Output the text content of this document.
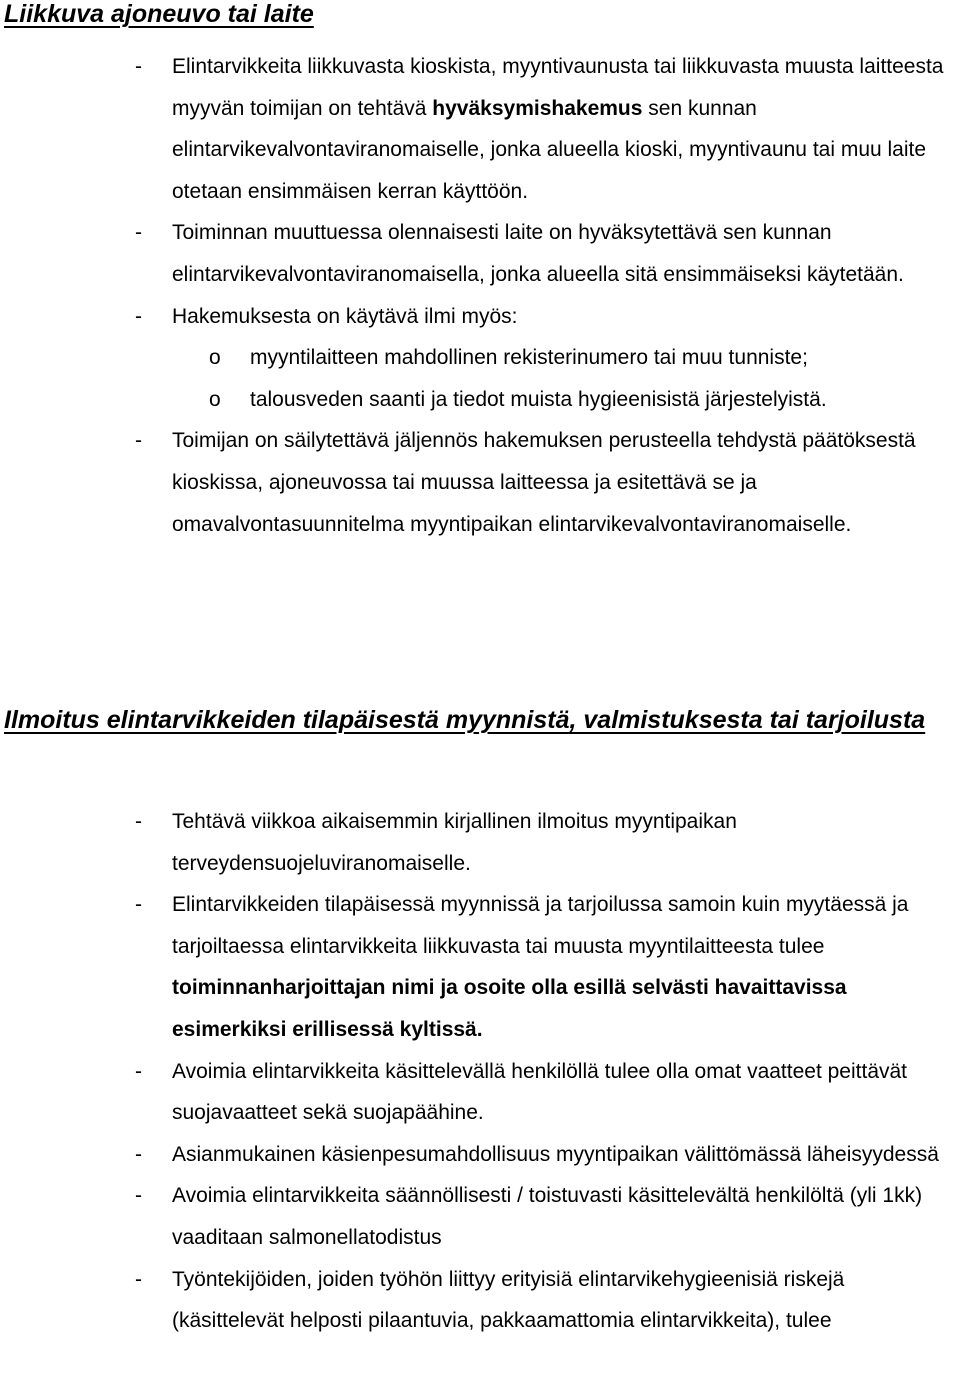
Liikkuva ajoneuvo tai laite
- Elintarvikkeita liikkuvasta kioskista, myyntivaunusta tai liikkuvasta muusta laitteesta myyvän toimijan on tehtävä hyväksymishakemus sen kunnan elintarvikevalvontaviranomaiselle, jonka alueella kioski, myyntivaunu tai muu laite otetaan ensimmäisen kerran käyttöön.
- Toiminnan muuttuessa olennaisesti laite on hyväksytettävä sen kunnan elintarvikevalvontaviranomaisella, jonka alueella sitä ensimmäiseksi käytetään.
- Hakemuksesta on käytävä ilmi myös:
o myyntilaitteen mahdollinen rekisterinumero tai muu tunniste;
o talousveden saanti ja tiedot muista hygieenisistä järjestelyistä.
- Toimijan on säilytettävä jäljennös hakemuksen perusteella tehdystä päätöksestä kioskissa, ajoneuvossa tai muussa laitteessa ja esitettävä se ja omavalvontasuunnitelma myyntipaikan elintarvikevalvontaviranomaiselle.
Ilmoitus elintarvikkeiden tilapäisestä myynnistä, valmistuksesta tai tarjoilusta
- Tehtävä viikkoa aikaisemmin kirjallinen ilmoitus myyntipaikan terveydensuojeluviranomaiselle.
- Elintarvikkeiden tilapäisessä myynnissä ja tarjoilussa samoin kuin myytäessä ja tarjoiltaessa elintarvikkeita liikkuvasta tai muusta myyntilaitteesta tulee toiminnanharjoittajan nimi ja osoite olla esillä selvästi havaittavissa esimerkiksi erillisessä kyltissä.
- Avoimia elintarvikkeita käsittelevällä henkilöllä tulee olla omat vaatteet peittävät suojavaatteet sekä suojapäähine.
- Asianmukainen käsienpesumahdollisuus myyntipaikan välittömässä läheisyydessä
- Avoimia elintarvikkeita säännöllisesti / toistuvasti käsittelevältä henkilöltä (yli 1kk) vaaditaan salmonellatodistus
- Työntekijöiden, joiden työhön liittyy erityisiä elintarvikehygieenisiä riskejä (käsittelevät helposti pilaantuvia, pakkaamattomia elintarvikkeita), tulee
